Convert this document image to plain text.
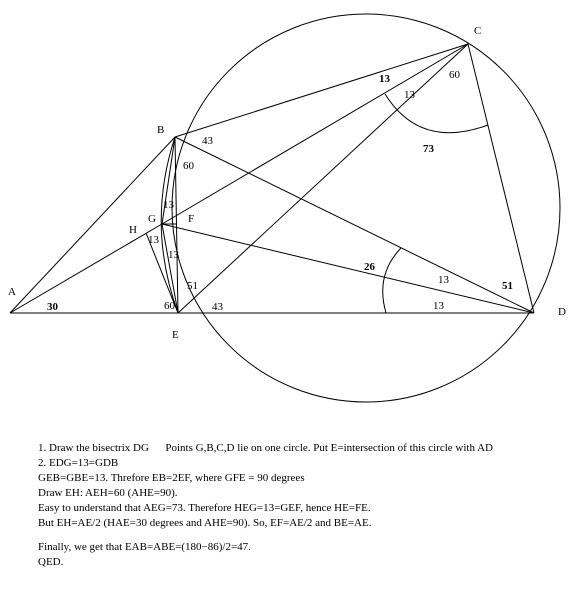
A
B
C
D
E
F
G
H
30
13
13
60
73
43
60
13
13
13
60
51
43
26
13
13
51
1. Draw the bisectrix DG      Points G,B,C,D lie on one circle. Put E=intersection of this circle with AD
2. EDG=13=GDB
GEB=GBE=13. Threfore EB=2EF, where GFE = 90 degrees
Draw EH: AEH=60 (AHE=90).
Easy to understand that AEG=73. Therefore HEG=13=GEF, hence HE=FE.
But EH=AE/2 (HAE=30 degrees and AHE=90). So, EF=AE/2 and BE=AE.
Finally, we get that EAB=ABE=(180−86)/2=47.
QED.
